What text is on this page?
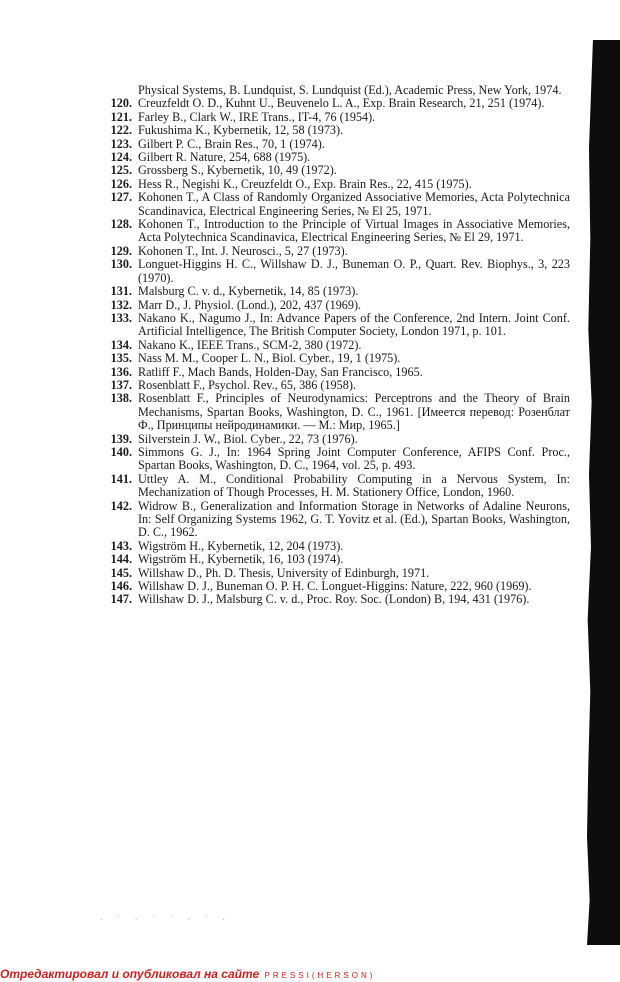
Physical Systems, B. Lundquist, S. Lundquist (Ed.), Academic Press, New York, 1974.
120. Creuzfeldt O. D., Kuhnt U., Beuvenelo L. A., Exp. Brain Research, 21, 251 (1974).
121. Farley B., Clark W., IRE Trans., IT-4, 76 (1954).
122. Fukushima K., Kybernetik, 12, 58 (1973).
123. Gilbert P. C., Brain Res., 70, 1 (1974).
124. Gilbert R. Nature, 254, 688 (1975).
125. Grossberg S., Kybernetik, 10, 49 (1972).
126. Hess R., Negishi K., Creuzfeldt O., Exp. Brain Res., 22, 415 (1975).
127. Kohonen T., A Class of Randomly Organized Associative Memories, Acta Polytechnica Scandinavica, Electrical Engineering Series, № El 25, 1971.
128. Kohonen T., Introduction to the Principle of Virtual Images in Associative Memories, Acta Polytechnica Scandinavica, Electrical Engineering Series, № El 29, 1971.
129. Kohonen T., Int. J. Neurosci., 5, 27 (1973).
130. Longuet-Higgins H. C., Willshaw D. J., Buneman O. P., Quart. Rev. Biophys., 3, 223 (1970).
131. Malsburg C. v. d., Kybernetik, 14, 85 (1973).
132. Marr D., J. Physiol. (Lond.), 202, 437 (1969).
133. Nakano K., Nagumo J., In: Advance Papers of the Conference, 2nd Intern. Joint Conf. Artificial Intelligence, The British Computer Society, London 1971, p. 101.
134. Nakano K., IEEE Trans., SCM-2, 380 (1972).
135. Nass M. M., Cooper L. N., Biol. Cyber., 19, 1 (1975).
136. Ratliff F., Mach Bands, Holden-Day, San Francisco, 1965.
137. Rosenblatt F., Psychol. Rev., 65, 386 (1958).
138. Rosenblatt F., Principles of Neurodynamics: Perceptrons and the Theory of Brain Mechanisms, Spartan Books, Washington, D. C., 1961. [Имеется перевод: Розенблат Ф., Принципы нейродинамики. — М.: Мир, 1965.]
139. Silverstein J. W., Biol. Cyber., 22, 73 (1976).
140. Simmons G. J., In: 1964 Spring Joint Computer Conference, AFIPS Conf. Proc., Spartan Books, Washington, D. C., 1964, vol. 25, p. 493.
141. Uttley A. M., Conditional Probability Computing in a Nervous System, In: Mechanization of Though Processes, H. M. Stationery Office, London, 1960.
142. Widrow B., Generalization and Information Storage in Networks of Adaline Neurons, In: Self Organizing Systems 1962, G. T. Yovitz et al. (Ed.), Spartan Books, Washington, D. C., 1962.
143. Wigström H., Kybernetik, 12, 204 (1973).
144. Wigström H., Kybernetik, 16, 103 (1974).
145. Willshaw D., Ph. D. Thesis, University of Edinburgh, 1971.
146. Willshaw D. J., Buneman O. P. H. C. Longuet-Higgins: Nature, 222, 960 (1969).
147. Willshaw D. J., Malsburg C. v. d., Proc. Roy. Soc. (London) B, 194, 431 (1976).
. · . · · . · .
Отредактировал и опубликовал на сайте PRESSI(HERSON)
